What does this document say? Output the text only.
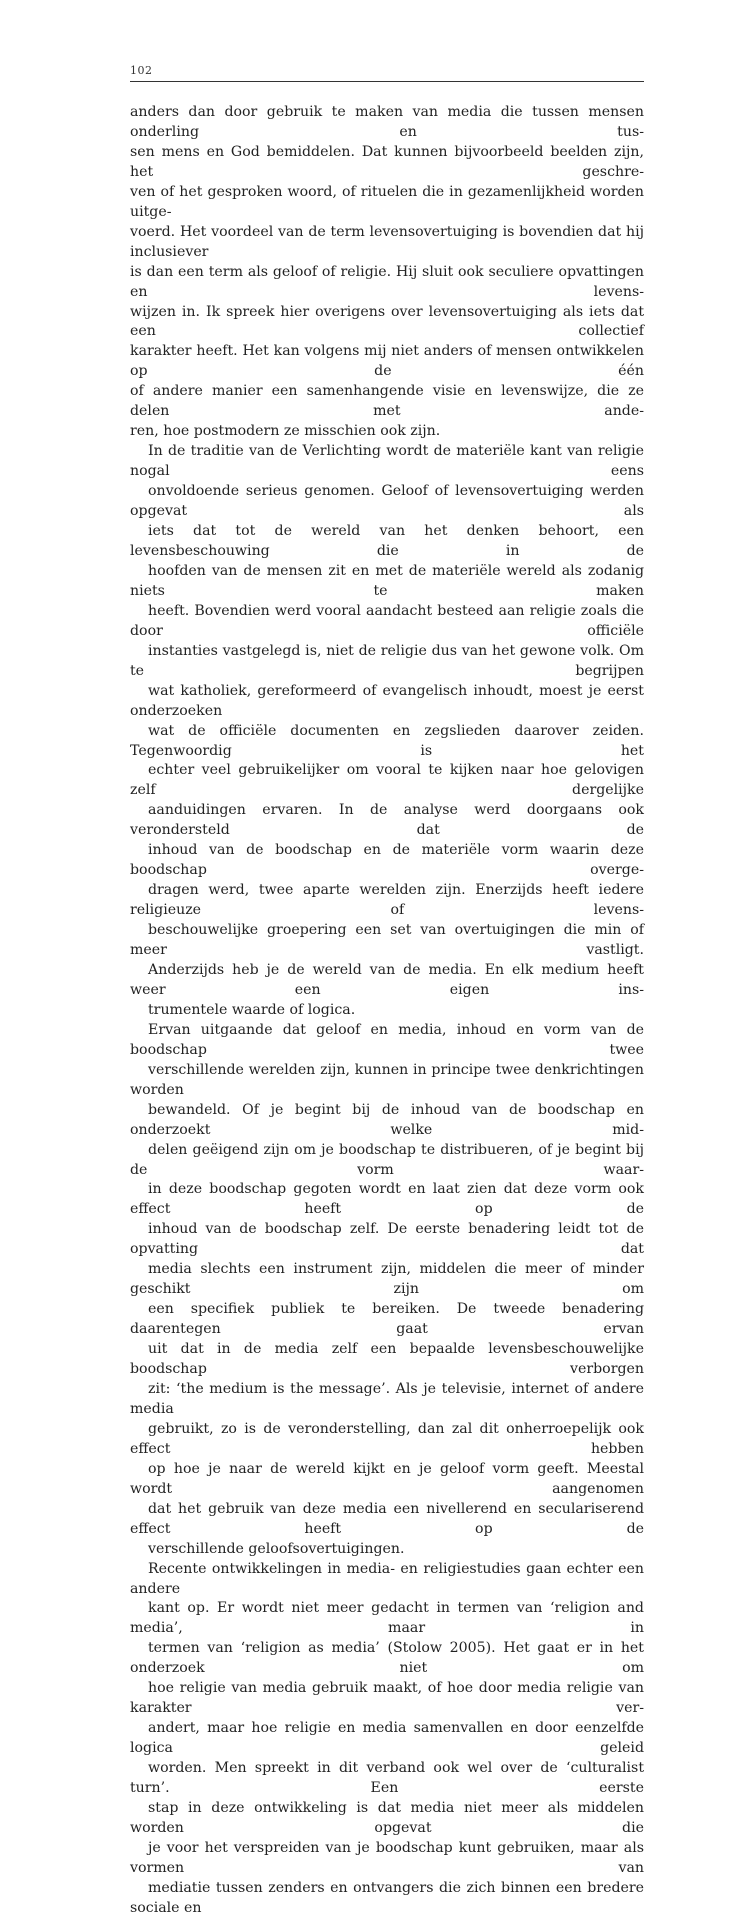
102

anders dan door gebruik te maken van media die tussen mensen onderling en tus-
sen mens en God bemiddelen. Dat kunnen bijvoorbeeld beelden zijn, het geschre-
ven of het gesproken woord, of rituelen die in gezamenlijkheid worden uitge-
voerd. Het voordeel van de term levensovertuiging is bovendien dat hij inclusiever
is dan een term als geloof of religie. Hij sluit ook seculiere opvattingen en levens-
wijzen in. Ik spreek hier overigens over levensovertuiging als iets dat een collectief
karakter heeft. Het kan volgens mij niet anders of mensen ontwikkelen op de één
of andere manier een samenhangende visie en levenswijze, die ze delen met ande-
ren, hoe postmodern ze misschien ook zijn.

In de traditie van de Verlichting wordt de materiële kant van religie nogal eens
onvoldoende serieus genomen. Geloof of levensovertuiging werden opgevat als
iets dat tot de wereld van het denken behoort, een levensbeschouwing die in de
hoofden van de mensen zit en met de materiële wereld als zodanig niets te maken
heeft. Bovendien werd vooral aandacht besteed aan religie zoals die door officiële
instanties vastgelegd is, niet de religie dus van het gewone volk. Om te begrijpen
wat katholiek, gereformeerd of evangelisch inhoudt, moest je eerst onderzoeken
wat de officiële documenten en zegslieden daarover zeiden. Tegenwoordig is het
echter veel gebruikelijker om vooral te kijken naar hoe gelovigen zelf dergelijke
aanduidingen ervaren. In de analyse werd doorgaans ook verondersteld dat de
inhoud van de boodschap en de materiële vorm waarin deze boodschap overge-
dragen werd, twee aparte werelden zijn. Enerzijds heeft iedere religieuze of levens-
beschouwelijke groepering een set van overtuigingen die min of meer vastligt.
Anderzijds heb je de wereld van de media. En elk medium heeft weer een eigen ins-
trumentele waarde of logica.

Ervan uitgaande dat geloof en media, inhoud en vorm van de boodschap twee
verschillende werelden zijn, kunnen in principe twee denkrichtingen worden
bewandeld. Of je begint bij de inhoud van de boodschap en onderzoekt welke mid-
delen geëigend zijn om je boodschap te distribueren, of je begint bij de vorm waar-
in deze boodschap gegoten wordt en laat zien dat deze vorm ook effect heeft op de
inhoud van de boodschap zelf. De eerste benadering leidt tot de opvatting dat
media slechts een instrument zijn, middelen die meer of minder geschikt zijn om
een specifiek publiek te bereiken. De tweede benadering daarentegen gaat ervan
uit dat in de media zelf een bepaalde levensbeschouwelijke boodschap verborgen
zit: ‘the medium is the message’. Als je televisie, internet of andere media
gebruikt, zo is de veronderstelling, dan zal dit onherroepelijk ook effect hebben
op hoe je naar de wereld kijkt en je geloof vorm geeft. Meestal wordt aangenomen
dat het gebruik van deze media een nivellerend en seculariserend effect heeft op de
verschillende geloofsovertuigingen.

Recente ontwikkelingen in media- en religiestudies gaan echter een andere
kant op. Er wordt niet meer gedacht in termen van ‘religion and media’, maar in
termen van ‘religion as media’ (Stolow 2005). Het gaat er in het onderzoek niet om
hoe religie van media gebruik maakt, of hoe door media religie van karakter ver-
andert, maar hoe religie en media samenvallen en door eenzelfde logica geleid
worden. Men spreekt in dit verband ook wel over de ‘culturalist turn’. Een eerste
stap in deze ontwikkeling is dat media niet meer als middelen worden opgevat die
je voor het verspreiden van je boodschap kunt gebruiken, maar als vormen van
mediatie tussen zenders en ontvangers die zich binnen een bredere sociale en
